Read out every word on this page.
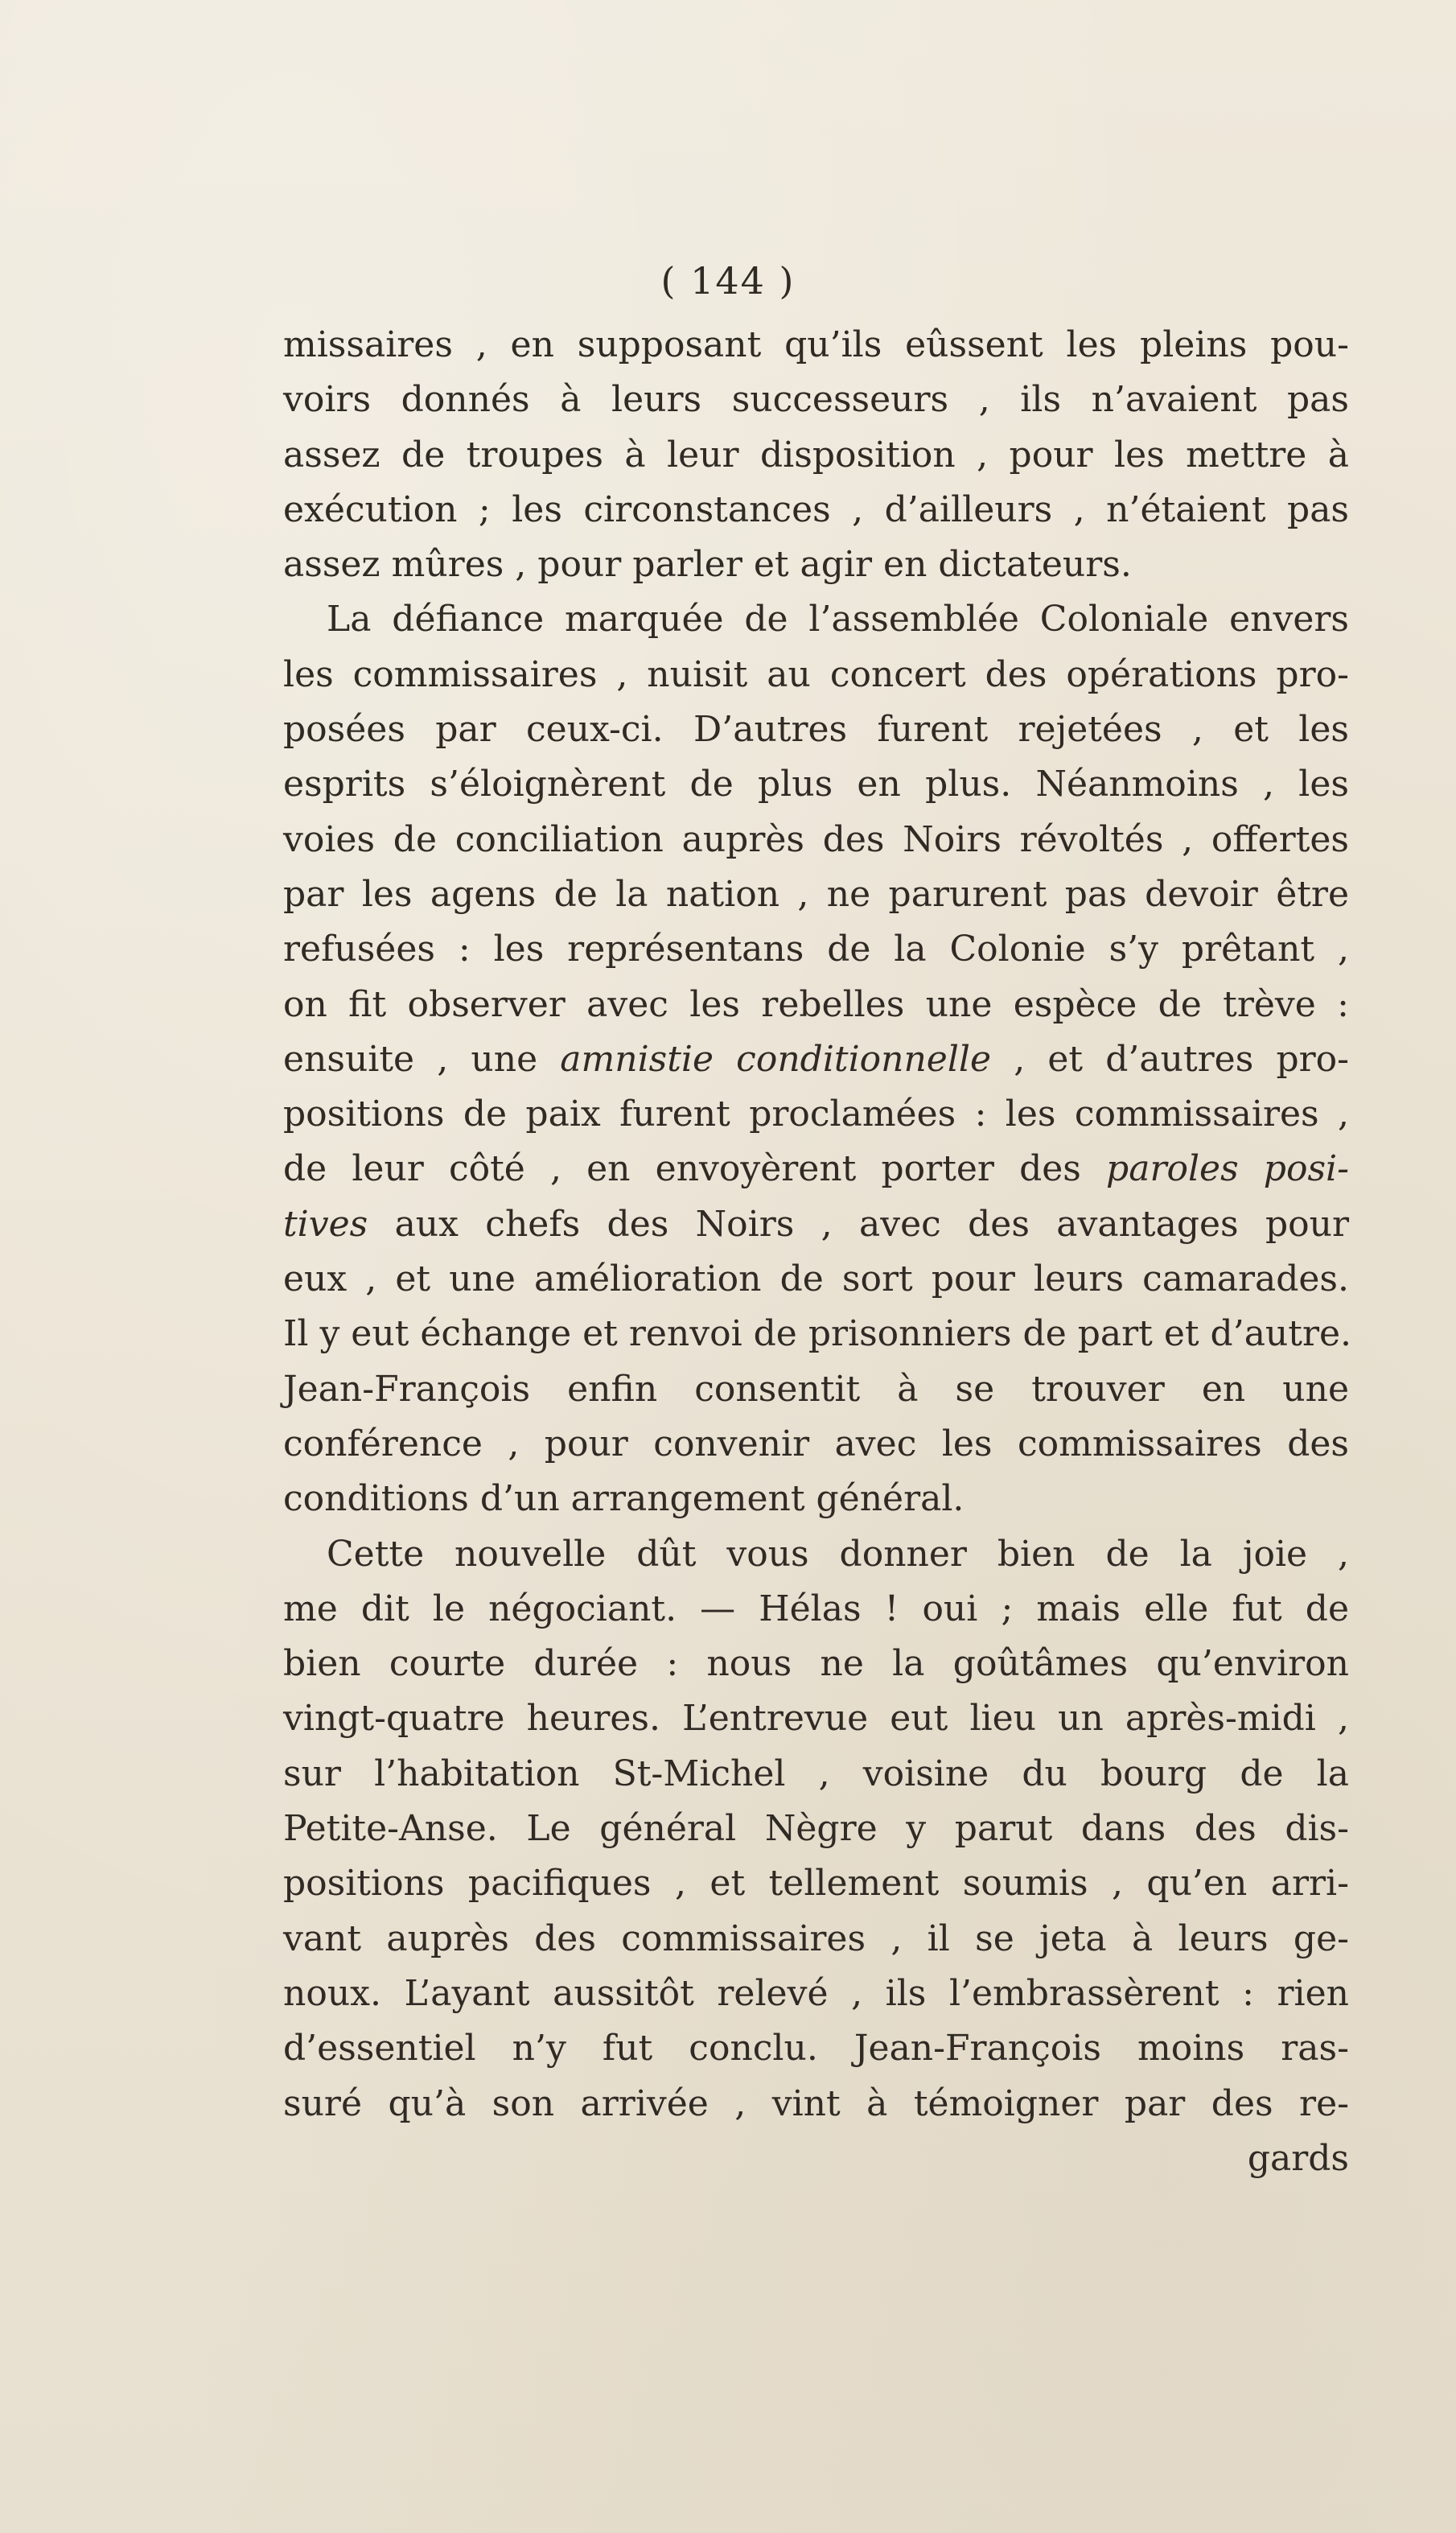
( 144 )
missaires , en supposant qu’ils eûssent les pleins pou-
voirs donnés à leurs successeurs , ils n’avaient pas
assez de troupes à leur disposition , pour les mettre à
exécution ; les circonstances , d’ailleurs , n’étaient pas
assez mûres , pour parler et agir en dictateurs.
La défiance marquée de l’assemblée Coloniale envers
les commissaires , nuisit au concert des opérations pro-
posées par ceux-ci. D’autres furent rejetées , et les
esprits s’éloignèrent de plus en plus. Néanmoins , les
voies de conciliation auprès des Noirs révoltés , offertes
par les agens de la nation , ne parurent pas devoir être
refusées : les représentans de la Colonie s’y prêtant ,
on fit observer avec les rebelles une espèce de trève :
ensuite , une amnistie conditionnelle , et d’autres pro-
positions de paix furent proclamées : les commissaires ,
de leur côté , en envoyèrent porter des paroles posi-
tives aux chefs des Noirs , avec des avantages pour
eux , et une amélioration de sort pour leurs camarades.
Il y eut échange et renvoi de prisonniers de part et d’autre.
Jean-François enfin consentit à se trouver en une
conférence , pour convenir avec les commissaires des
conditions d’un arrangement général.
Cette nouvelle dût vous donner bien de la joie ,
me dit le négociant. — Hélas ! oui ; mais elle fut de
bien courte durée : nous ne la goûtâmes qu’environ
vingt-quatre heures. L’entrevue eut lieu un après-midi ,
sur l’habitation St-Michel , voisine du bourg de la
Petite-Anse. Le général Nègre y parut dans des dis-
positions pacifiques , et tellement soumis , qu’en arri-
vant auprès des commissaires , il se jeta à leurs ge-
noux. L’ayant aussitôt relevé , ils l’embrassèrent : rien
d’essentiel n’y fut conclu. Jean-François moins ras-
suré qu’à son arrivée , vint à témoigner par des re-
gards
